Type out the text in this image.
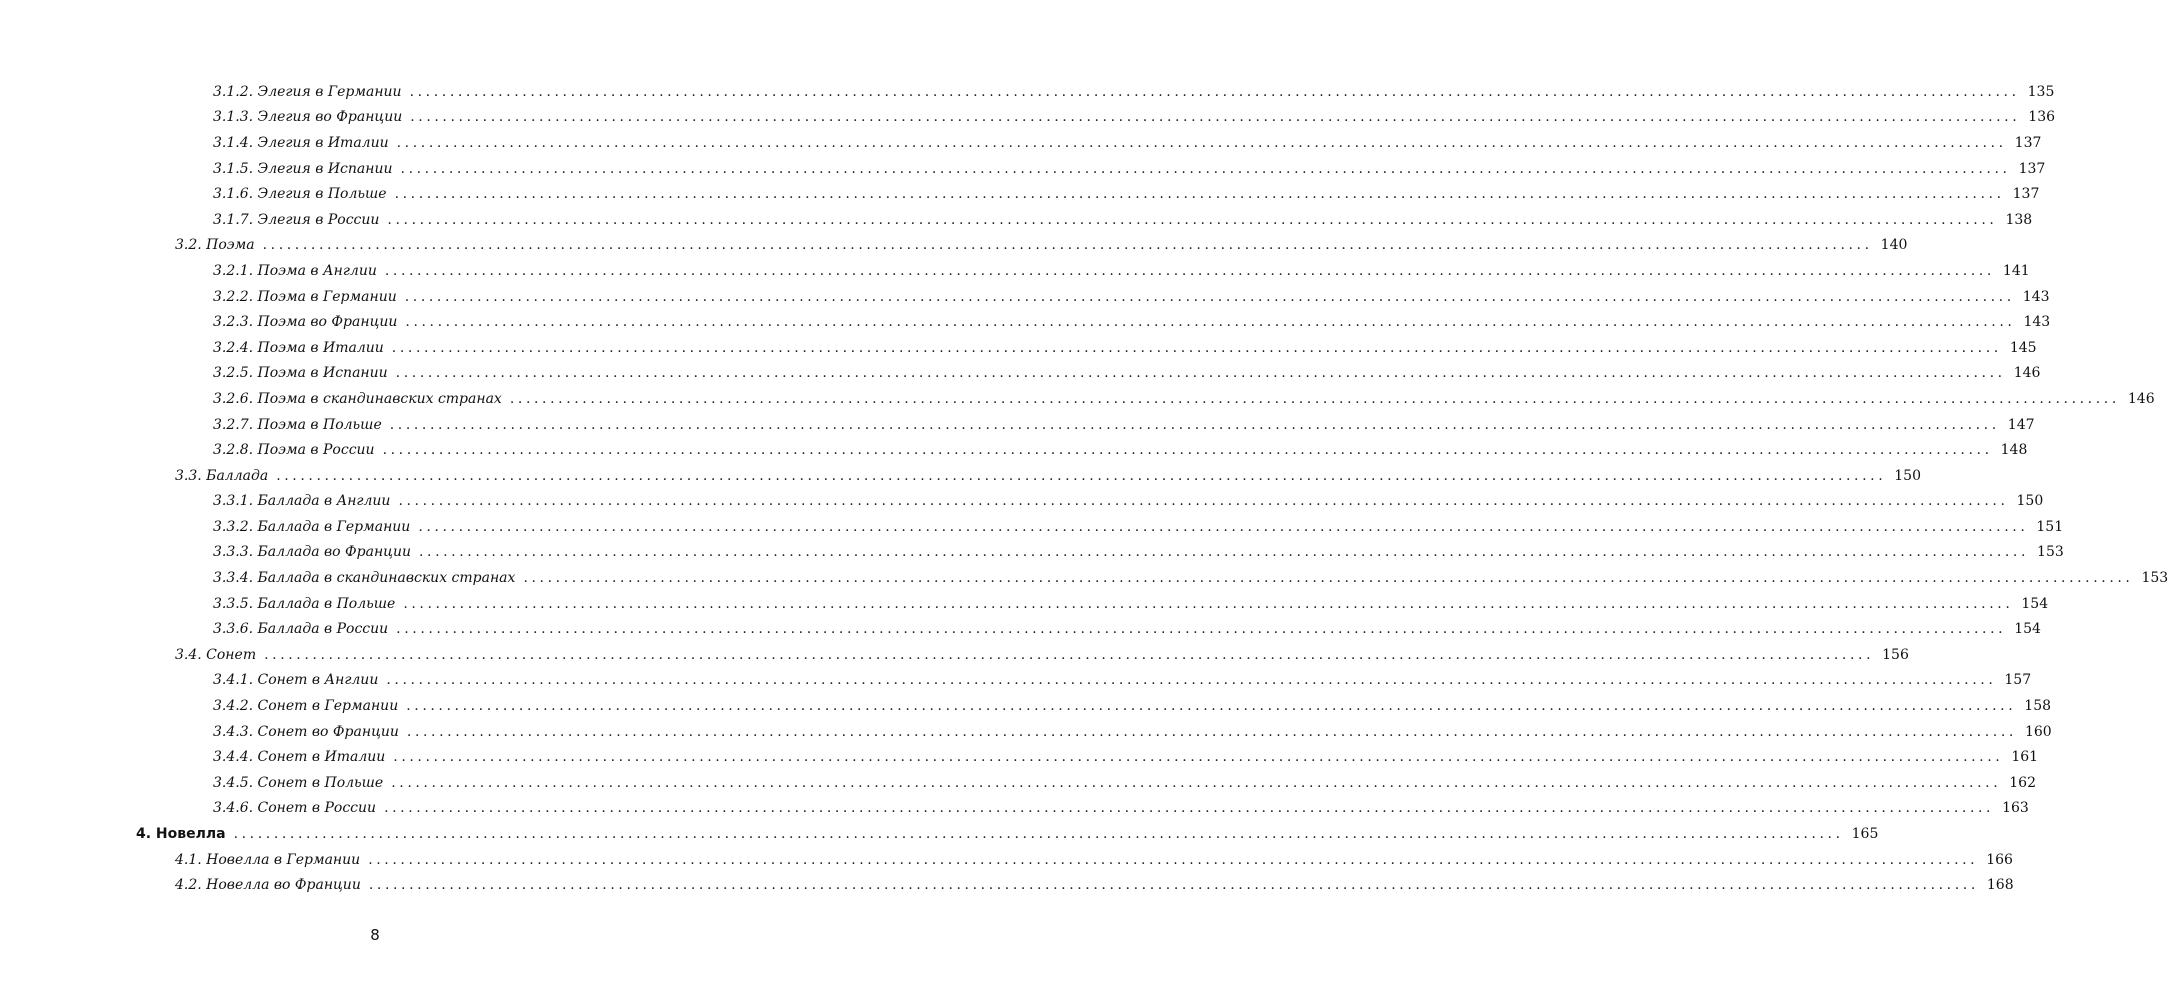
3.1.2. Элегия в Германии ........................................................................................................................................................................................................ 135
3.1.3. Элегия во Франции ........................................................................................................................................................................................................ 136
3.1.4. Элегия в Италии ........................................................................................................................................................................................................ 137
3.1.5. Элегия в Испании ........................................................................................................................................................................................................ 137
3.1.6. Элегия в Польше ........................................................................................................................................................................................................ 137
3.1.7. Элегия в России ........................................................................................................................................................................................................ 138
3.2. Поэма ........................................................................................................................................................................................................ 140
3.2.1. Поэма в Англии ........................................................................................................................................................................................................ 141
3.2.2. Поэма в Германии ........................................................................................................................................................................................................ 143
3.2.3. Поэма во Франции ........................................................................................................................................................................................................ 143
3.2.4. Поэма в Италии ........................................................................................................................................................................................................ 145
3.2.5. Поэма в Испании ........................................................................................................................................................................................................ 146
3.2.6. Поэма в скандинавских странах ........................................................................................................................................................................................................ 146
3.2.7. Поэма в Польше ........................................................................................................................................................................................................ 147
3.2.8. Поэма в России ........................................................................................................................................................................................................ 148
3.3. Баллада ........................................................................................................................................................................................................ 150
3.3.1. Баллада в Англии ........................................................................................................................................................................................................ 150
3.3.2. Баллада в Германии ........................................................................................................................................................................................................ 151
3.3.3. Баллада во Франции ........................................................................................................................................................................................................ 153
3.3.4. Баллада в скандинавских странах ........................................................................................................................................................................................................ 153
3.3.5. Баллада в Польше ........................................................................................................................................................................................................ 154
3.3.6. Баллада в России ........................................................................................................................................................................................................ 154
3.4. Сонет ........................................................................................................................................................................................................ 156
3.4.1. Сонет в Англии ........................................................................................................................................................................................................ 157
3.4.2. Сонет в Германии ........................................................................................................................................................................................................ 158
3.4.3. Сонет во Франции ........................................................................................................................................................................................................ 160
3.4.4. Сонет в Италии ........................................................................................................................................................................................................ 161
3.4.5. Сонет в Польше ........................................................................................................................................................................................................ 162
3.4.6. Сонет в России ........................................................................................................................................................................................................ 163
4. Новелла ........................................................................................................................................................................................................ 165
4.1. Новелла в Германии ........................................................................................................................................................................................................ 166
4.2. Новелла во Франции ........................................................................................................................................................................................................ 168
8
